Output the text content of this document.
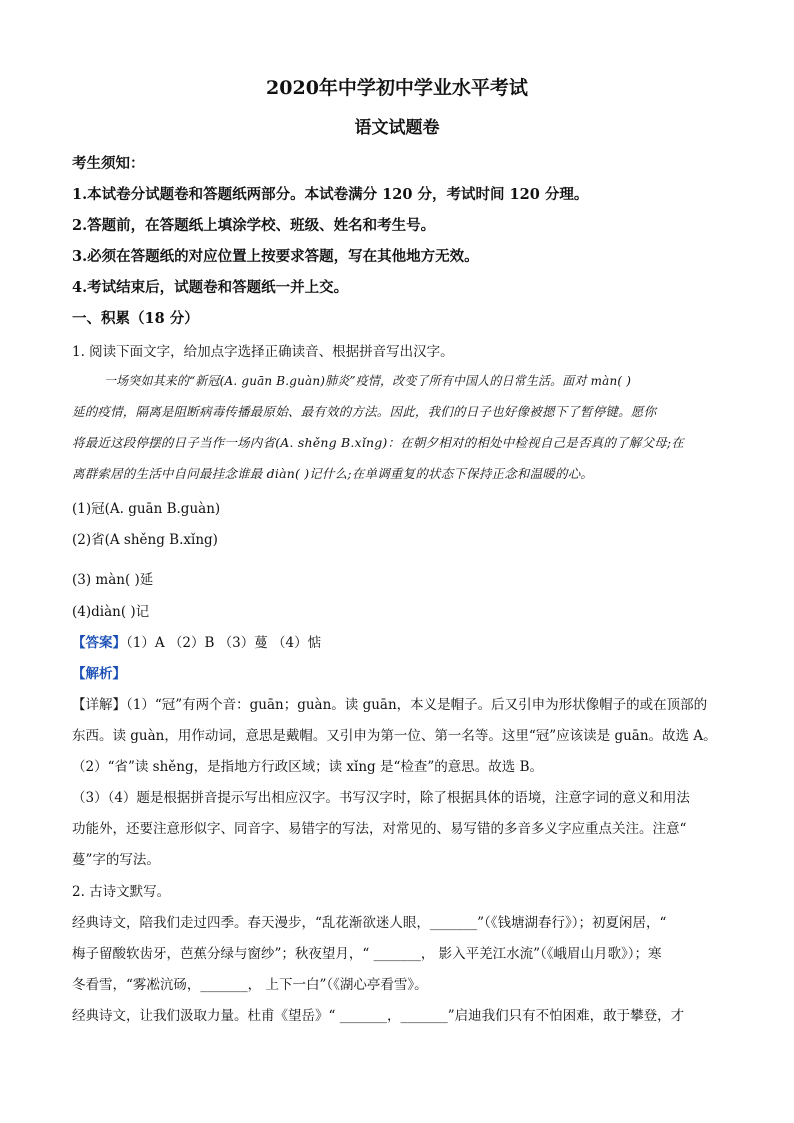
2020年中学初中学业水平考试
语文试题卷
考生须知：
1.本试卷分试题卷和答题纸两部分。本试卷满分 120 分，考试时间 120 分理。
2.答题前，在答题纸上填涂学校、班级、姓名和考生号。
3.必须在答题纸的对应位置上按要求答题，写在其他地方无效。
4.考试结束后，试题卷和答题纸一并上交。
一、积累（18 分）
1. 阅读下面文字，给加点字选择正确读音、根据拼音写出汉字。
一场突如其来的“新冠(A. guān B.guàn)肺炎”疫情，改变了所有中国人的日常生活。面对 màn( )
延的疫情，隔离是阻断病毒传播最原始、最有效的方法。因此，我们的日子也好像被摁下了暂停键。愿你
将最近这段停摆的日子当作一场内省(A. shěng B.xǐng)：在朝夕相对的相处中检视自己是否真的了解父母;在
离群索居的生活中自问最挂念谁最 diàn( )记什么;在单调重复的状态下保持正念和温暖的心。
(1)冠(A. guān B.guàn)
(2)省(A shěng B.xǐng)
(3) màn( )延
(4)diàn( )记
【答案】（1）A （2）B （3）蔓 （4）惦
【解析】
【详解】（1）“冠”有两个音：guān；guàn。读 guān，本义是帽子。后又引申为形状像帽子的或在顶部的
东西。读 guàn，用作动词，意思是戴帽。又引申为第一位、第一名等。这里“冠”应该读是 guān。故选 A。
（2）“省”读 shěng，是指地方行政区域；读 xǐng 是“检查”的意思。故选 B。
（3）（4）题是根据拼音提示写出相应汉字。书写汉字时，除了根据具体的语境，注意字词的意义和用法
功能外，还要注意形似字、同音字、易错字的写法，对常见的、易写错的多音多义字应重点关注。注意“
蔓”字的写法。
2. 古诗文默写。
经典诗文，陪我们走过四季。春天漫步，“乱花渐欲迷人眼，_______”（《钱塘湖春行》）；初夏闲居，“
梅子留酸软齿牙，芭蕉分绿与窗纱”；秋夜望月，“ _______， 影入平羌江水流”（《峨眉山月歌》）；寒
冬看雪，“雾凇沆砀，_______， 上下一白”（《湖心亭看雪》。
经典诗文，让我们汲取力量。杜甫《望岳》“ _______，_______”启迪我们只有不怕困难，敢于攀登，才
